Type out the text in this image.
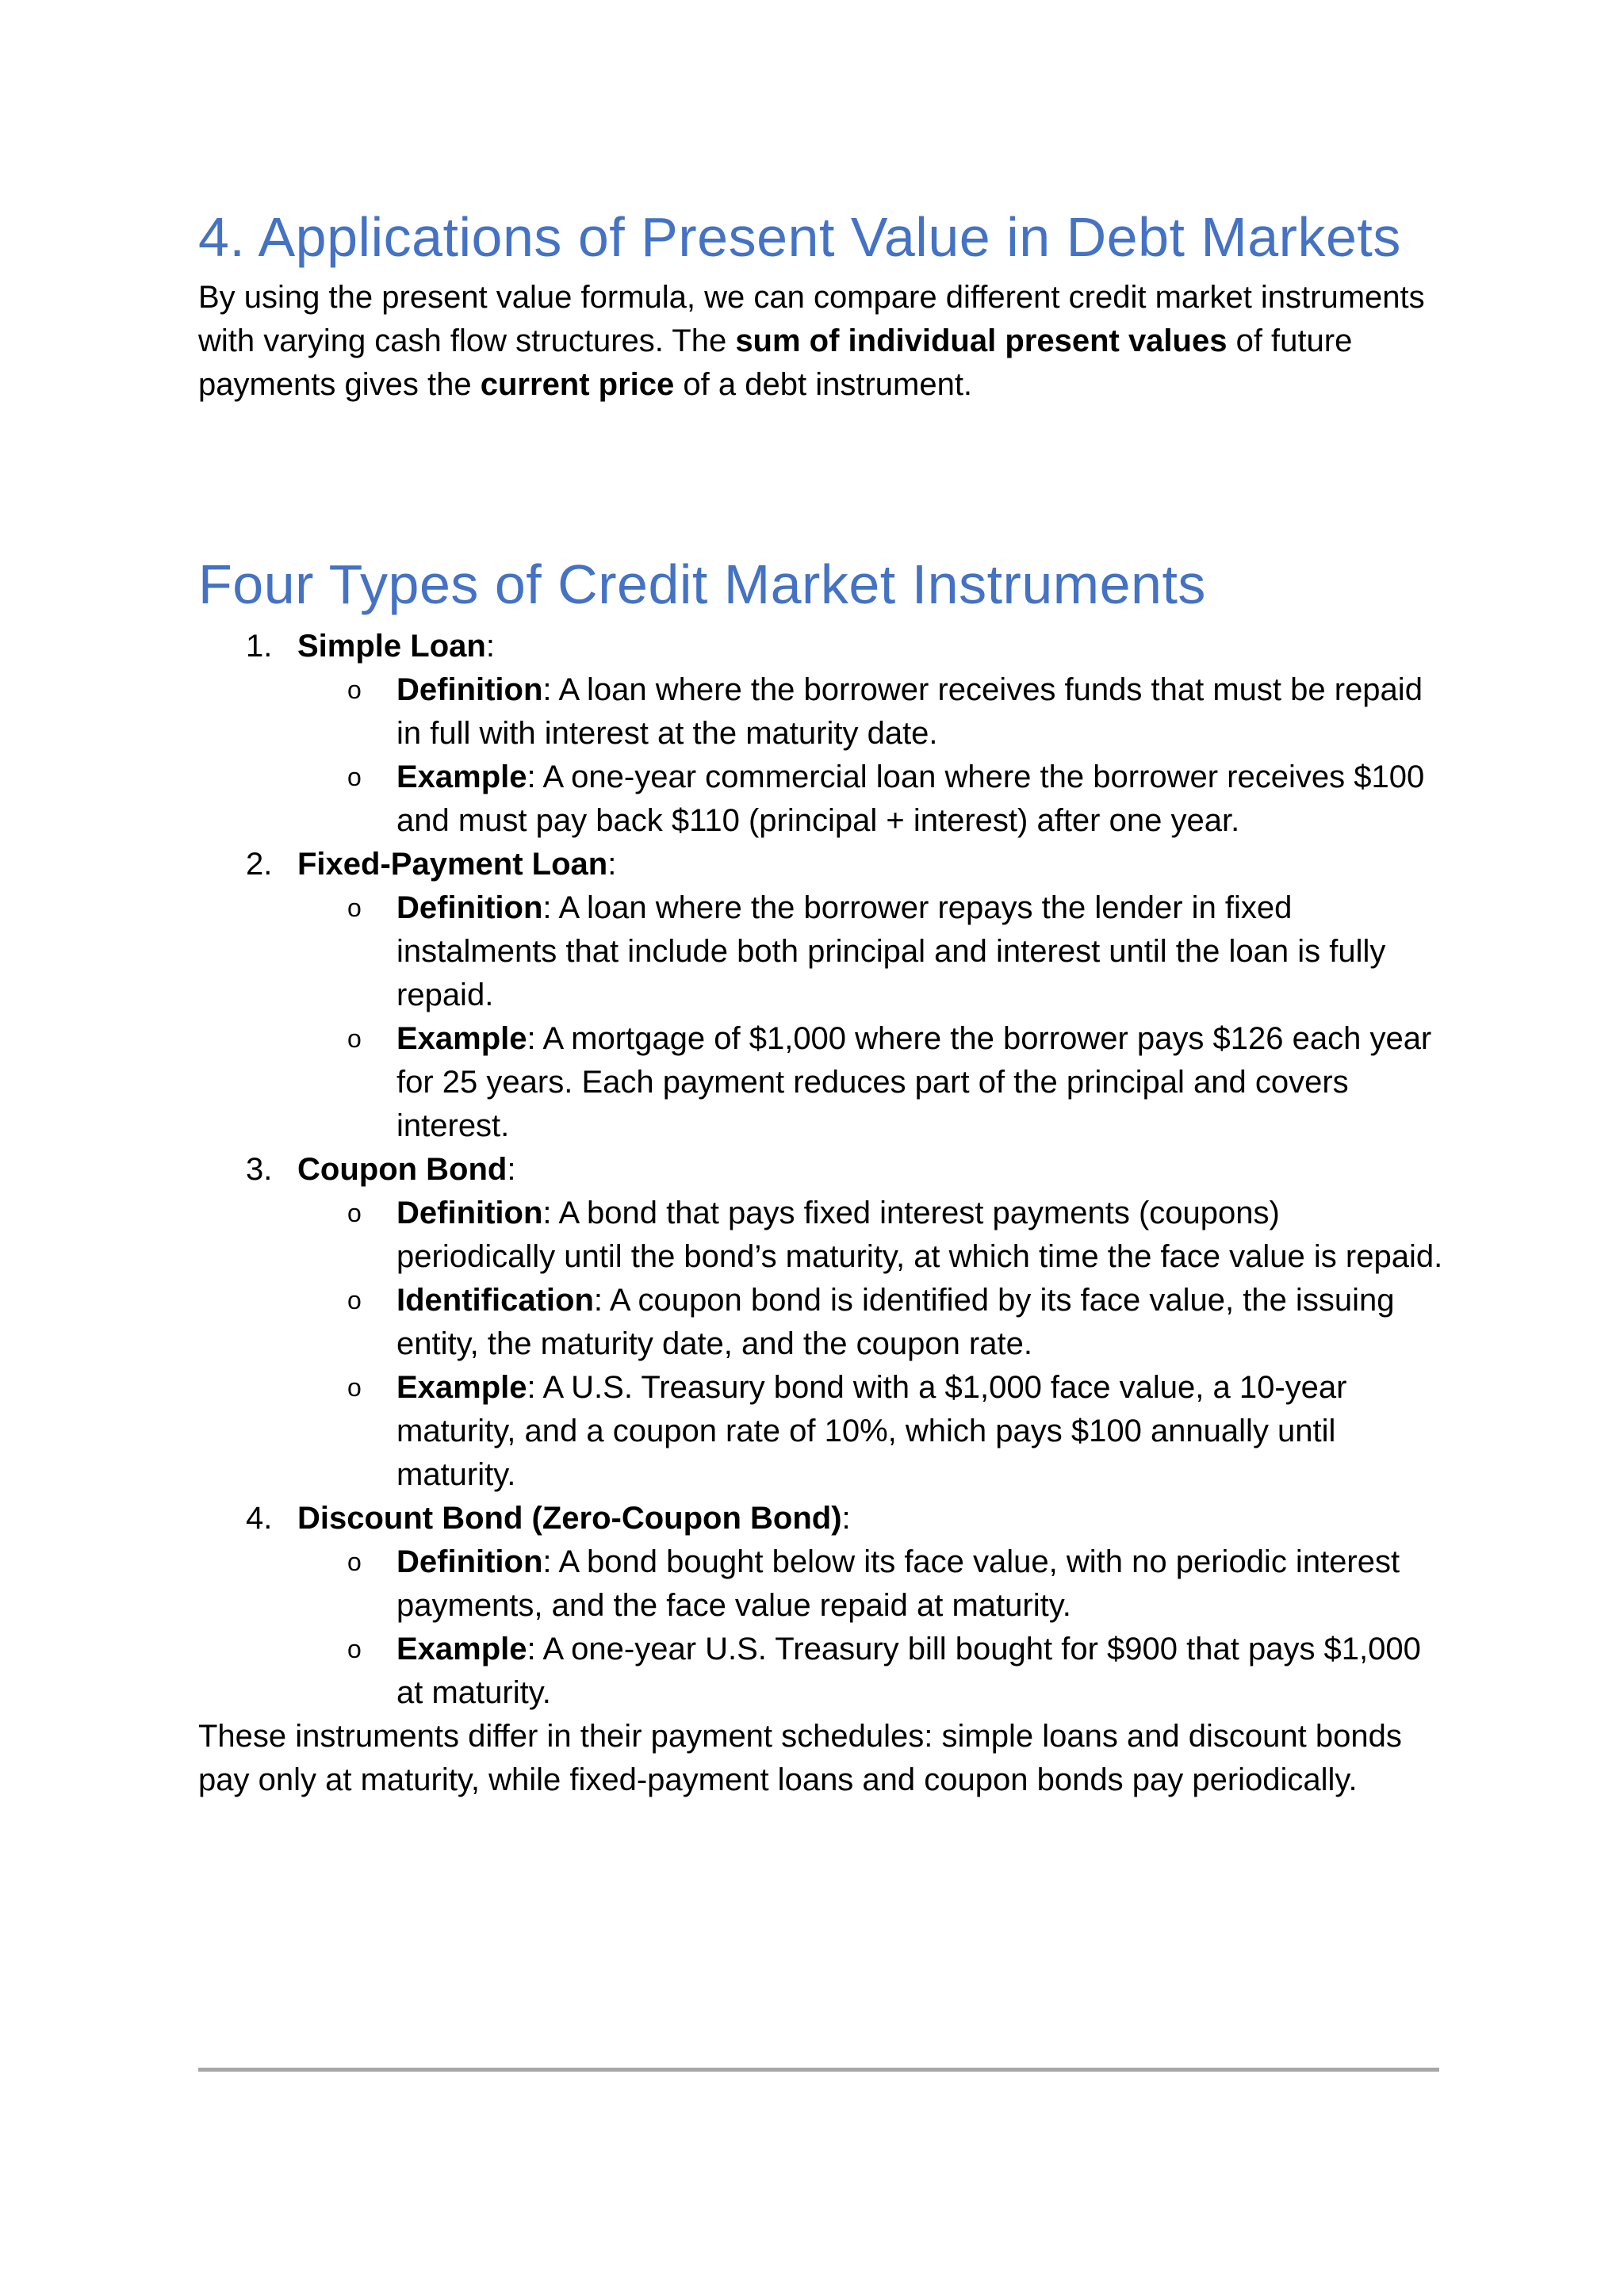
4. Applications of Present Value in Debt Markets

By using the present value formula, we can compare different credit market instruments with varying cash flow structures. The sum of individual present values of future payments gives the current price of a debt instrument.

Four Types of Credit Market Instruments
1. Simple Loan:
o Definition: A loan where the borrower receives funds that must be repaid in full with interest at the maturity date.
o Example: A one-year commercial loan where the borrower receives $100 and must pay back $110 (principal + interest) after one year.
2. Fixed-Payment Loan:
o Definition: A loan where the borrower repays the lender in fixed instalments that include both principal and interest until the loan is fully repaid.
o Example: A mortgage of $1,000 where the borrower pays $126 each year for 25 years. Each payment reduces part of the principal and covers interest.
3. Coupon Bond:
o Definition: A bond that pays fixed interest payments (coupons) periodically until the bond’s maturity, at which time the face value is repaid.
o Identification: A coupon bond is identified by its face value, the issuing entity, the maturity date, and the coupon rate.
o Example: A U.S. Treasury bond with a $1,000 face value, a 10-year maturity, and a coupon rate of 10%, which pays $100 annually until maturity.
4. Discount Bond (Zero-Coupon Bond):
o Definition: A bond bought below its face value, with no periodic interest payments, and the face value repaid at maturity.
o Example: A one-year U.S. Treasury bill bought for $900 that pays $1,000 at maturity.

These instruments differ in their payment schedules: simple loans and discount bonds pay only at maturity, while fixed-payment loans and coupon bonds pay periodically.
